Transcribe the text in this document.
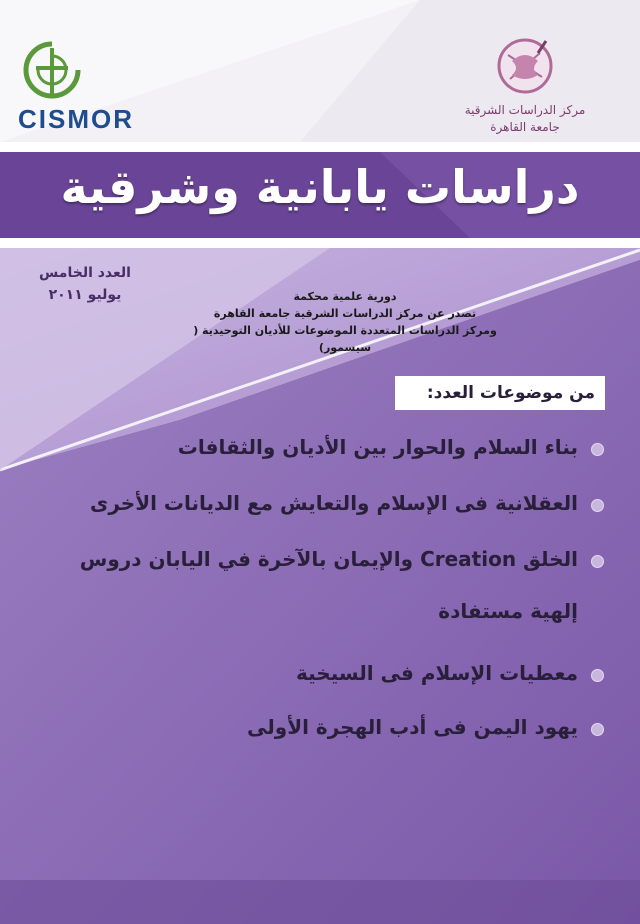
CISMOR	مركز الدراسات الشرقية
جامعة القاهرة
دراسات يابانية وشرقية
العدد الخامس
يوليو ٢٠١١	دورية علمية محكمة
تصدر عن مركز الدراسات الشرقية جامعة القاهرة
ومركز الدراسات المتعددة الموضوعات للأديان التوحيدية ( سيسمور)
من موضوعات العدد:
بناء السلام والحوار بين الأديان والثقافات
العقلانية فى الإسلام والتعايش مع الديانات الأخرى
الخلق Creation والإيمان بالآخرة في اليابان دروس
إلهية مستفادة
معطيات الإسلام فى السيخية
يهود اليمن فى أدب الهجرة الأولى
